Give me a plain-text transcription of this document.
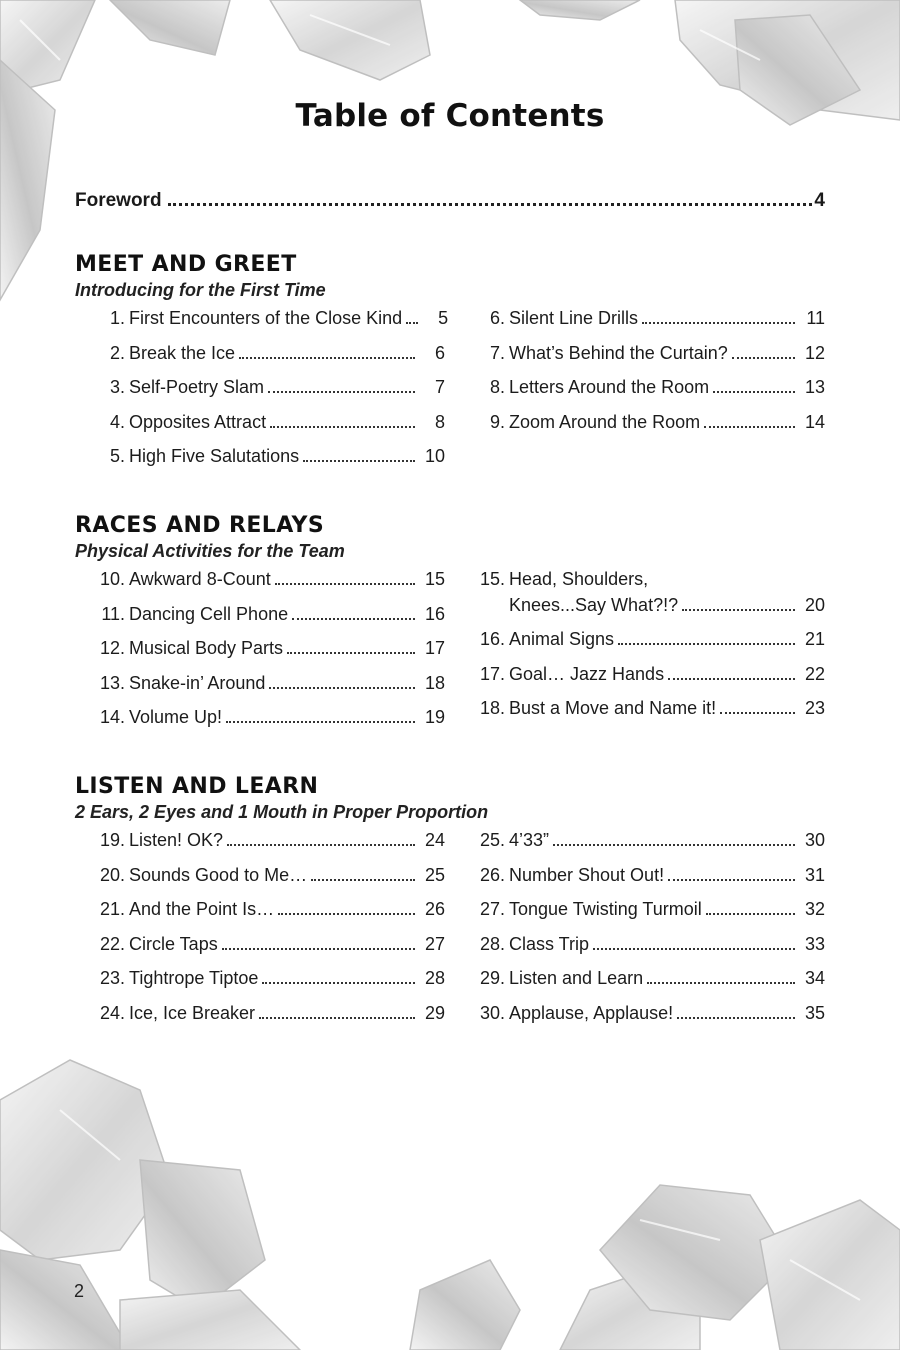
Table of Contents
Foreword	4
MEET AND GREET
Introducing for the First Time
1. First Encounters of the Close Kind	5
2. Break the Ice	6
3. Self-Poetry Slam	7
4. Opposites Attract	8
5. High Five Salutations	10
6. Silent Line Drills	11
7. What’s Behind the Curtain?	12
8. Letters Around the Room	13
9. Zoom Around the Room	14
RACES AND RELAYS
Physical Activities for the Team
10. Awkward 8-Count	15
11. Dancing Cell Phone	16
12. Musical Body Parts	17
13. Snake-in’ Around	18
14. Volume Up!	19
15. Head, Shoulders,
Knees...Say What?!?	20
16. Animal Signs	21
17. Goal… Jazz Hands	22
18. Bust a Move and Name it!	23
LISTEN AND LEARN
2 Ears, 2 Eyes and 1 Mouth in Proper Proportion
19. Listen! OK?	24
20. Sounds Good to Me…	25
21. And the Point Is…	26
22. Circle Taps	27
23. Tightrope Tiptoe	28
24. Ice, Ice Breaker	29
25. 4’33”	30
26. Number Shout Out!	31
27. Tongue Twisting Turmoil	32
28. Class Trip	33
29. Listen and Learn	34
30. Applause, Applause!	35
2
